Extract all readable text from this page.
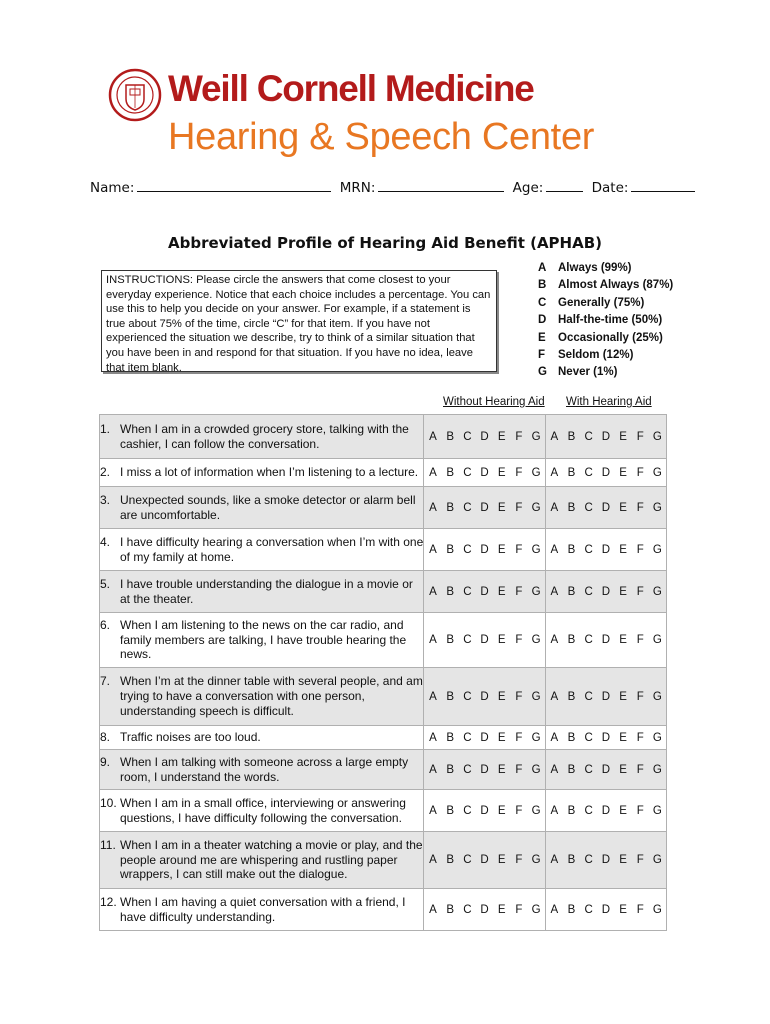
Weill Cornell Medicine
Hearing & Speech Center
Name:	MRN:	Age:	Date:
Abbreviated Profile of Hearing Aid Benefit (APHAB)
INSTRUCTIONS: Please circle the answers that come closest to your everyday experience. Notice that each choice includes a percentage. You can use this to help you decide on your answer. For example, if a statement is true about 75% of the time, circle “C” for that item. If you have not experienced the situation we describe, try to think of a similar situation that you have been in and respond for that situation. If you have no idea, leave that item blank.
A Always (99%)
B Almost Always (87%)
C Generally (75%)
D Half-the-time (50%)
E Occasionally (25%)
F Seldom (12%)
G Never (1%)
Without Hearing Aid With Hearing Aid
1. When I am in a crowded grocery store, talking with the cashier, I can follow the conversation.	A B C D E F G	A B C D E F G

2. I miss a lot of information when I’m listening to a lecture.	A B C D E F G	A B C D E F G

3. Unexpected sounds, like a smoke detector or alarm bell are uncomfortable.	A B C D E F G	A B C D E F G

4. I have difficulty hearing a conversation when I’m with one of my family at home.	A B C D E F G	A B C D E F G

5. I have trouble understanding the dialogue in a movie or at the theater.	A B C D E F G	A B C D E F G

6. When I am listening to the news on the car radio, and family members are talking, I have trouble hearing the news.	A B C D E F G	A B C D E F G

7. When I’m at the dinner table with several people, and am trying to have a conversation with one person, understanding speech is difficult.	A B C D E F G	A B C D E F G

8. Traffic noises are too loud.	A B C D E F G	A B C D E F G

9. When I am talking with someone across a large empty room, I understand the words.	A B C D E F G	A B C D E F G

10. When I am in a small office, interviewing or answering questions, I have difficulty following the conversation.	A B C D E F G	A B C D E F G

11. When I am in a theater watching a movie or play, and the people around me are whispering and rustling paper wrappers, I can still make out the dialogue.	A B C D E F G	A B C D E F G

12. When I am having a quiet conversation with a friend, I have difficulty understanding.	A B C D E F G	A B C D E F G
